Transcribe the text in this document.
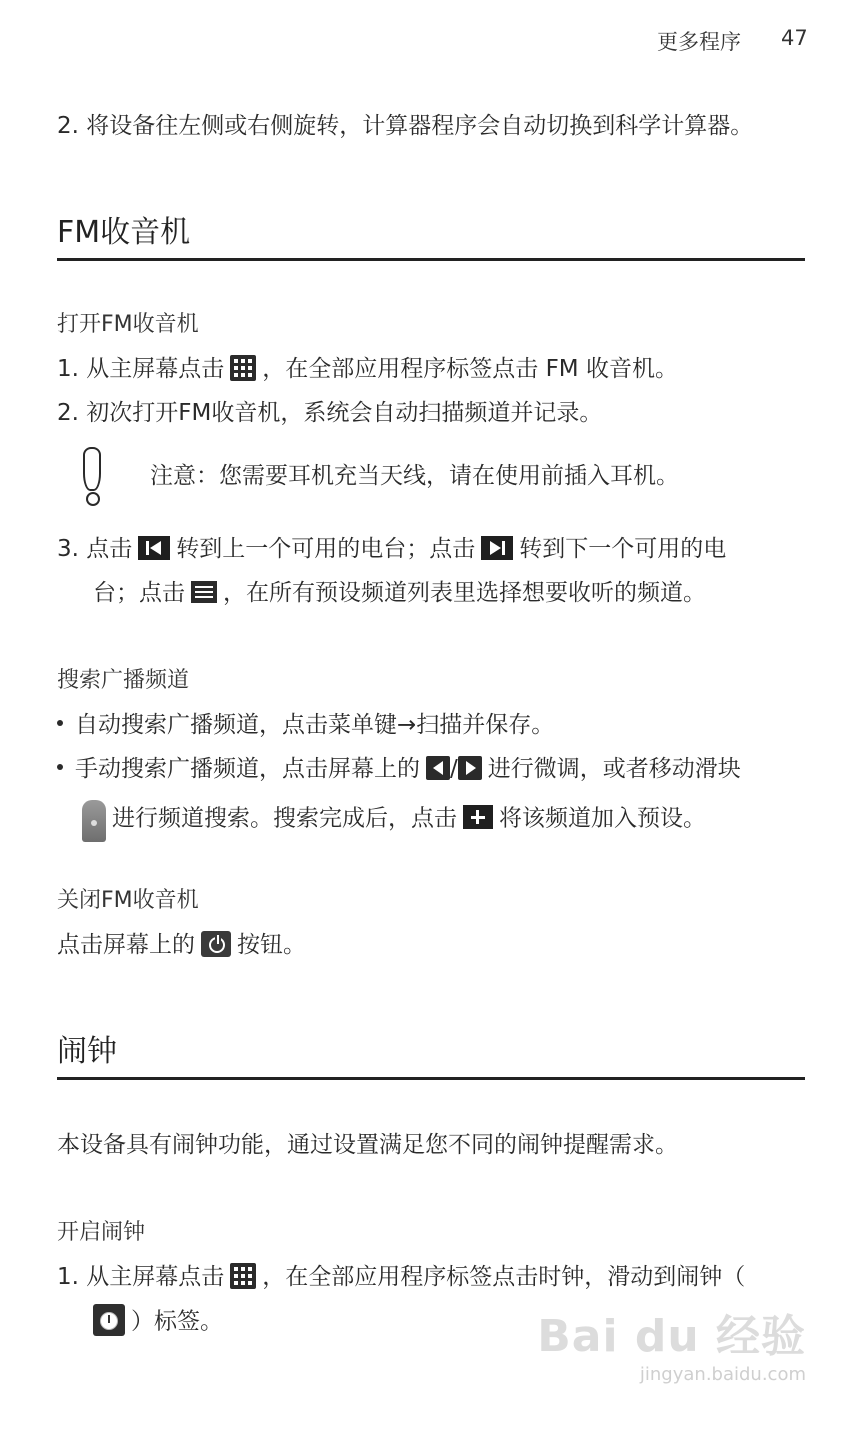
更多程序 47
2. 将设备往左侧或右侧旋转，计算器程序会自动切换到科学计算器。
FM收音机
打开FM收音机
1. 从主屏幕点击 ，在全部应用程序标签点击 FM 收音机。
2. 初次打开FM收音机，系统会自动扫描频道并记录。
注意：您需要耳机充当天线，请在使用前插入耳机。
3. 点击 转到上一个可用的电台；点击 转到下一个可用的电
台；点击 ，在所有预设频道列表里选择想要收听的频道。
搜索广播频道
自动搜索广播频道，点击菜单键→扫描并保存。
手动搜索广播频道，点击屏幕上的 / 进行微调，或者移动滑块
进行频道搜索。搜索完成后，点击 将该频道加入预设。
关闭FM收音机
点击屏幕上的 按钮。
闹钟
本设备具有闹钟功能，通过设置满足您不同的闹钟提醒需求。
开启闹钟
1. 从主屏幕点击 ，在全部应用程序标签点击时钟，滑动到闹钟（
）标签。	Bai du 经验
jingyan.baidu.com
